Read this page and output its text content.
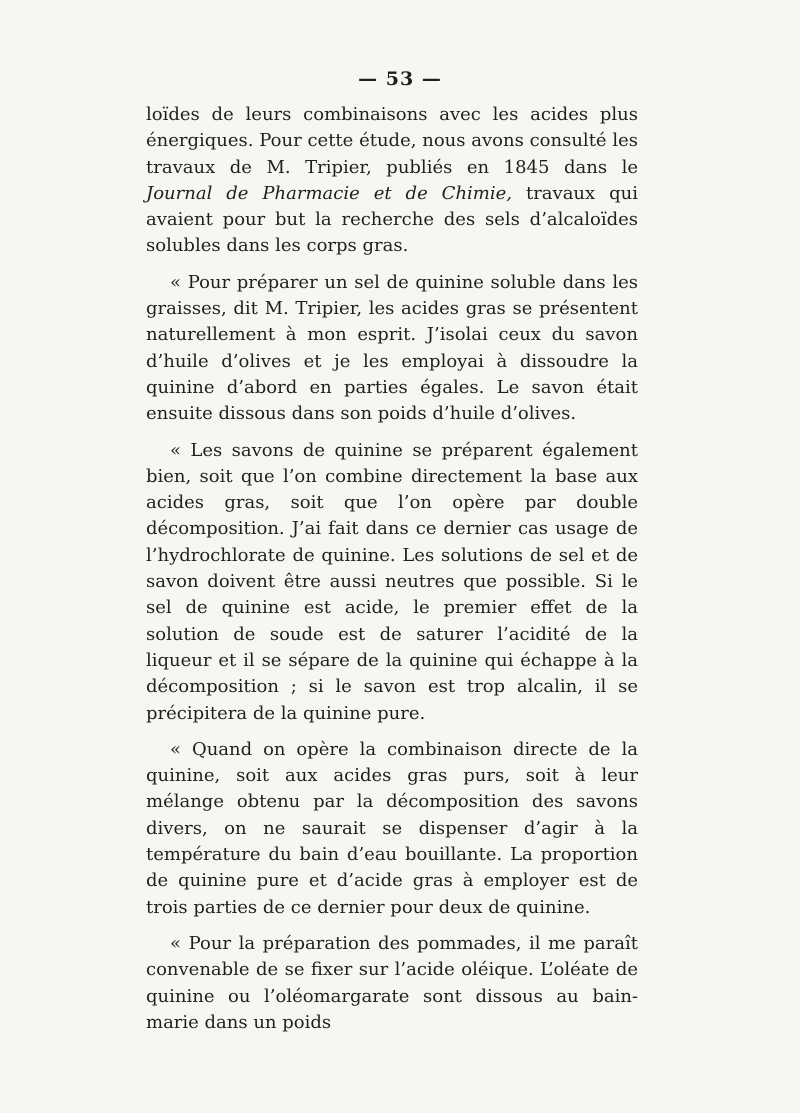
— 53 —

loïdes de leurs combinaisons avec les acides plus énergiques. Pour cette étude, nous avons consulté les travaux de M. Tripier, publiés en 1845 dans le Journal de Pharmacie et de Chimie, travaux qui avaient pour but la recherche des sels d’alcaloïdes solubles dans les corps gras.

« Pour préparer un sel de quinine soluble dans les graisses, dit M. Tripier, les acides gras se présentent naturellement à mon esprit. J’isolai ceux du savon d’huile d’olives et je les employai à dissoudre la quinine d’abord en parties égales. Le savon était ensuite dissous dans son poids d’huile d’olives.

« Les savons de quinine se préparent également bien, soit que l’on combine directement la base aux acides gras, soit que l’on opère par double décomposition. J’ai fait dans ce dernier cas usage de l’hydrochlorate de quinine. Les solutions de sel et de savon doivent être aussi neutres que possible. Si le sel de quinine est acide, le premier effet de la solution de soude est de saturer l’acidité de la liqueur et il se sépare de la quinine qui échappe à la décomposition ; si le savon est trop alcalin, il se précipitera de la quinine pure.

« Quand on opère la combinaison directe de la quinine, soit aux acides gras purs, soit à leur mélange obtenu par la décomposition des savons divers, on ne saurait se dispenser d’agir à la température du bain d’eau bouillante. La proportion de quinine pure et d’acide gras à employer est de trois parties de ce dernier pour deux de quinine.

« Pour la préparation des pommades, il me paraît convenable de se fixer sur l’acide oléique. L’oléate de quinine ou l’oléomargarate sont dissous au bain-marie dans un poids
